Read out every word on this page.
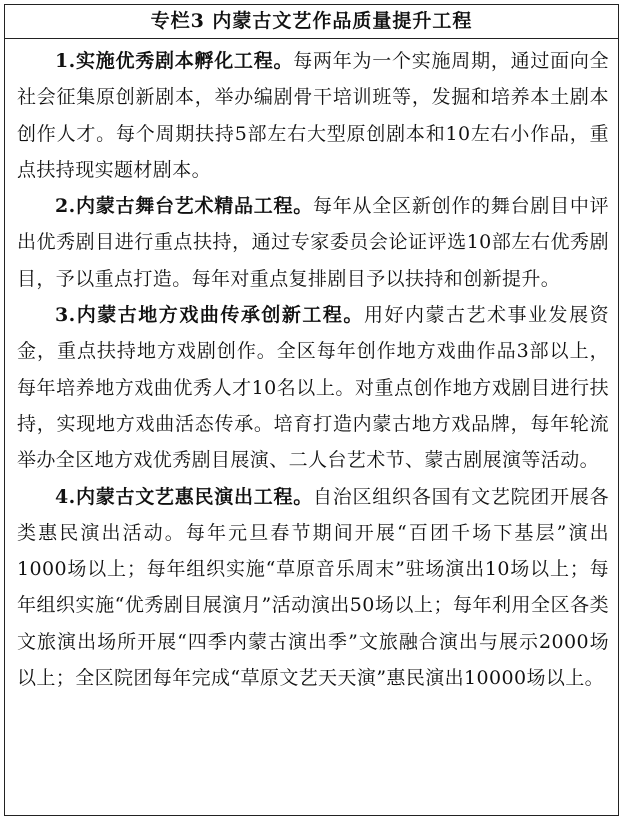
专栏3 内蒙古文艺作品质量提升工程

1.实施优秀剧本孵化工程。每两年为一个实施周期，通过面向全社会征集原创新剧本，举办编剧骨干培训班等，发掘和培养本土剧本创作人才。每个周期扶持5部左右大型原创剧本和10左右小作品，重点扶持现实题材剧本。

2.内蒙古舞台艺术精品工程。每年从全区新创作的舞台剧目中评出优秀剧目进行重点扶持，通过专家委员会论证评选10部左右优秀剧目，予以重点打造。每年对重点复排剧目予以扶持和创新提升。

3.内蒙古地方戏曲传承创新工程。用好内蒙古艺术事业发展资金，重点扶持地方戏剧创作。全区每年创作地方戏曲作品3部以上，每年培养地方戏曲优秀人才10名以上。对重点创作地方戏剧目进行扶持，实现地方戏曲活态传承。培育打造内蒙古地方戏品牌，每年轮流举办全区地方戏优秀剧目展演、二人台艺术节、蒙古剧展演等活动。

4.内蒙古文艺惠民演出工程。自治区组织各国有文艺院团开展各类惠民演出活动。每年元旦春节期间开展“百团千场下基层”演出1000场以上；每年组织实施“草原音乐周末”驻场演出10场以上；每年组织实施“优秀剧目展演月”活动演出50场以上；每年利用全区各类文旅演出场所开展“四季内蒙古演出季”文旅融合演出与展示2000场以上；全区院团每年完成“草原文艺天天演”惠民演出10000场以上。
